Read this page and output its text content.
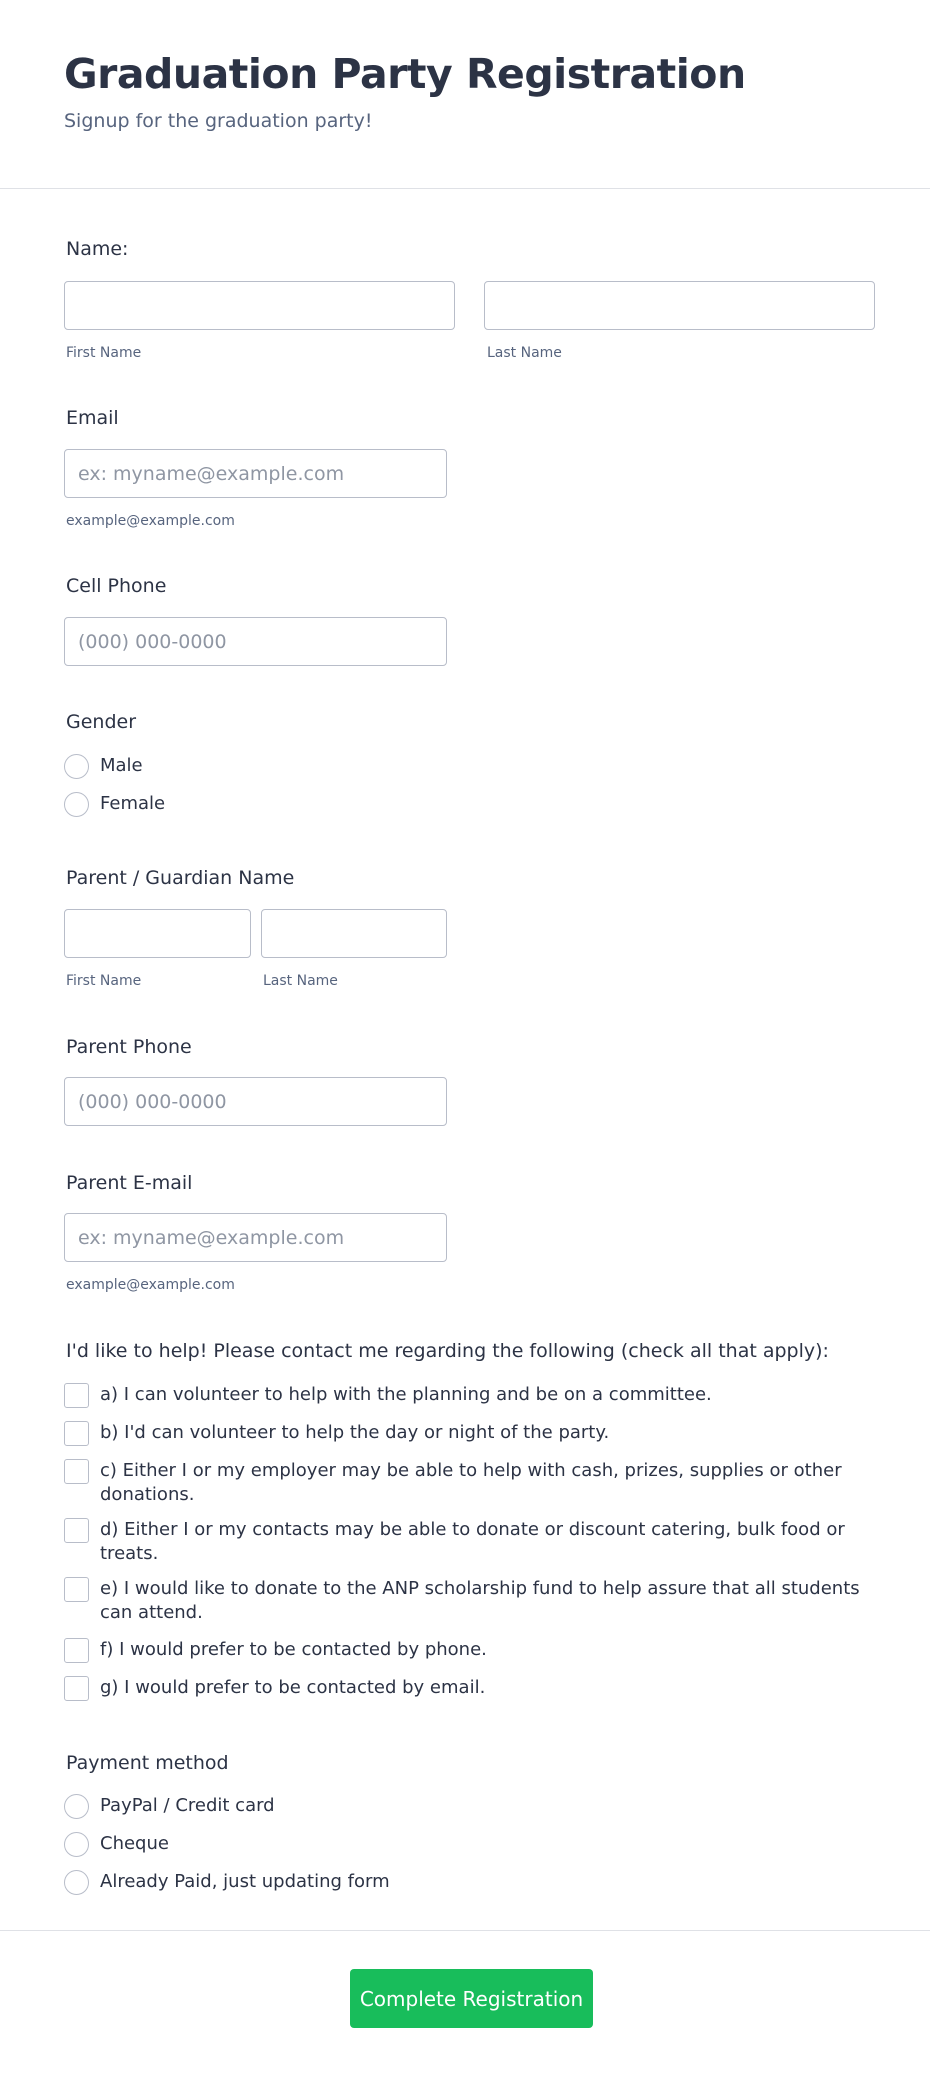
Graduation Party Registration
Signup for the graduation party!
Name:
First Name	Last Name
Email
ex: myname@example.com
example@example.com
Cell Phone
(000) 000-0000
Gender
Male
Female
Parent / Guardian Name
First Name	Last Name
Parent Phone
(000) 000-0000
Parent E-mail
ex: myname@example.com
example@example.com
I'd like to help! Please contact me regarding the following (check all that apply):
a) I can volunteer to help with the planning and be on a committee.
b) I'd can volunteer to help the day or night of the party.
c) Either I or my employer may be able to help with cash, prizes, supplies or other donations.
d) Either I or my contacts may be able to donate or discount catering, bulk food or treats.
e) I would like to donate to the ANP scholarship fund to help assure that all students can attend.
f) I would prefer to be contacted by phone.
g) I would prefer to be contacted by email.
Payment method
PayPal / Credit card
Cheque
Already Paid, just updating form
Complete Registration
